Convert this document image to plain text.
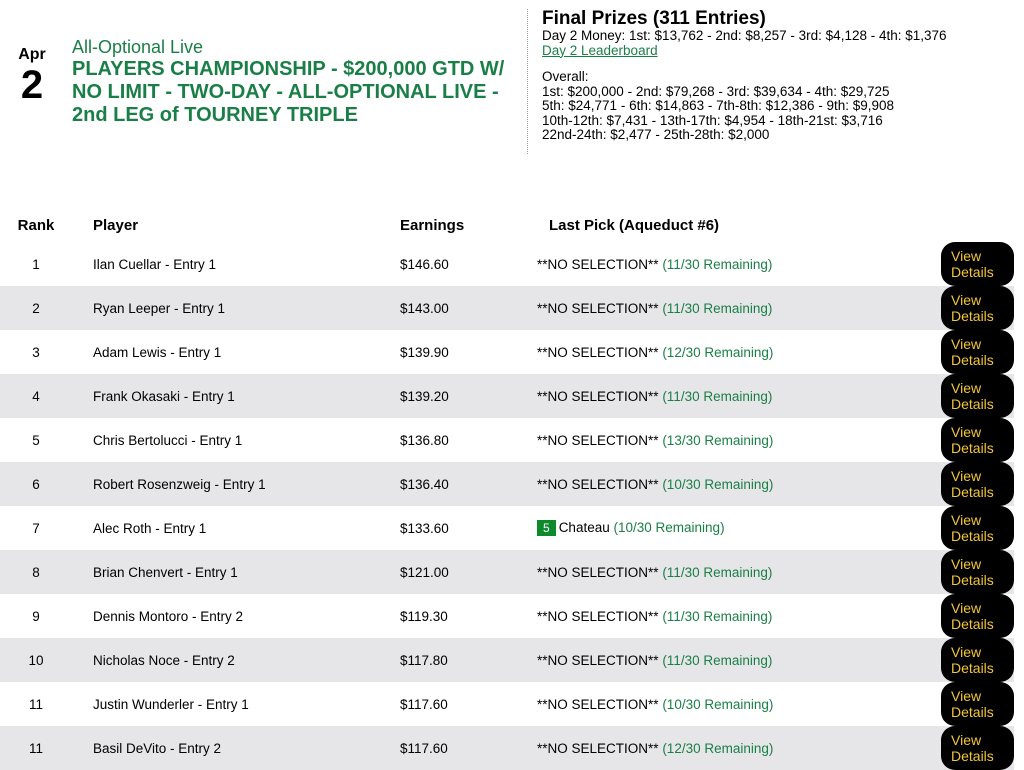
Apr
2
All-Optional Live
PLAYERS CHAMPIONSHIP - $200,000 GTD W/ NO LIMIT - TWO-DAY - ALL-OPTIONAL LIVE - 2nd LEG of TOURNEY TRIPLE
Final Prizes (311 Entries)
Day 2 Money: 1st: $13,762 - 2nd: $8,257 - 3rd: $4,128 - 4th: $1,376
Day 2 Leaderboard
Overall:
1st: $200,000 - 2nd: $79,268 - 3rd: $39,634 - 4th: $29,725
5th: $24,771 - 6th: $14,863 - 7th-8th: $12,386 - 9th: $9,908
10th-12th: $7,431 - 13th-17th: $4,954 - 18th-21st: $3,716
22nd-24th: $2,477 - 25th-28th: $2,000
Rank	Player	Earnings	Last Pick (Aqueduct #6)	
1	Ilan Cuellar - Entry 1	$146.60	**NO SELECTION** (11/30 Remaining)	View Details
2	Ryan Leeper - Entry 1	$143.00	**NO SELECTION** (11/30 Remaining)	View Details
3	Adam Lewis - Entry 1	$139.90	**NO SELECTION** (12/30 Remaining)	View Details
4	Frank Okasaki - Entry 1	$139.20	**NO SELECTION** (11/30 Remaining)	View Details
5	Chris Bertolucci - Entry 1	$136.80	**NO SELECTION** (13/30 Remaining)	View Details
6	Robert Rosenzweig - Entry 1	$136.40	**NO SELECTION** (10/30 Remaining)	View Details
7	Alec Roth - Entry 1	$133.60	5 Chateau (10/30 Remaining)	View Details
8	Brian Chenvert - Entry 1	$121.00	**NO SELECTION** (11/30 Remaining)	View Details
9	Dennis Montoro - Entry 2	$119.30	**NO SELECTION** (11/30 Remaining)	View Details
10	Nicholas Noce - Entry 2	$117.80	**NO SELECTION** (11/30 Remaining)	View Details
11	Justin Wunderler - Entry 1	$117.60	**NO SELECTION** (10/30 Remaining)	View Details
11	Basil DeVito - Entry 2	$117.60	**NO SELECTION** (12/30 Remaining)	View Details
